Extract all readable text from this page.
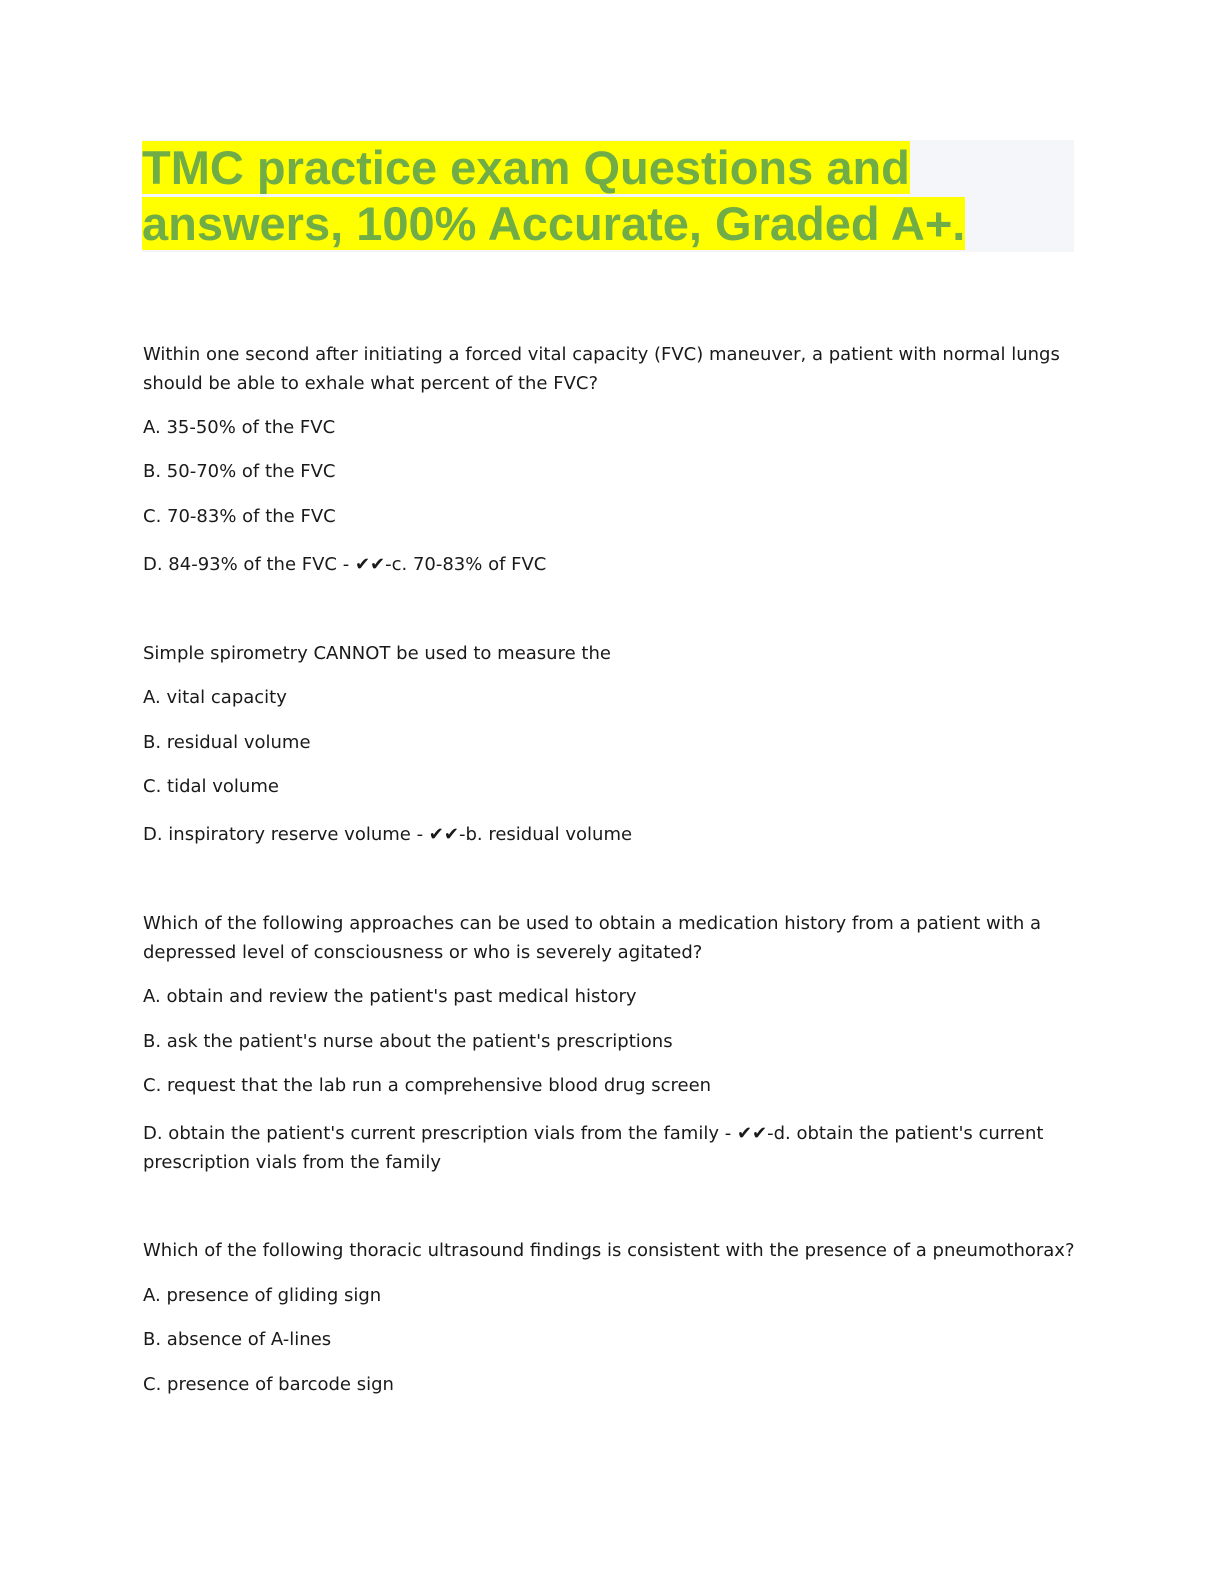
TMC practice exam Questions and
answers, 100% Accurate, Graded A+.

Within one second after initiating a forced vital capacity (FVC) maneuver, a patient with normal lungs should be able to exhale what percent of the FVC?

A. 35-50% of the FVC

B. 50-70% of the FVC

C. 70-83% of the FVC

D. 84-93% of the FVC - ✔✔-c. 70-83% of FVC

Simple spirometry CANNOT be used to measure the

A. vital capacity

B. residual volume

C. tidal volume

D. inspiratory reserve volume - ✔✔-b. residual volume

Which of the following approaches can be used to obtain a medication history from a patient with a depressed level of consciousness or who is severely agitated?

A. obtain and review the patient's past medical history

B. ask the patient's nurse about the patient's prescriptions

C. request that the lab run a comprehensive blood drug screen

D. obtain the patient's current prescription vials from the family - ✔✔-d. obtain the patient's current prescription vials from the family

Which of the following thoracic ultrasound findings is consistent with the presence of a pneumothorax?

A. presence of gliding sign

B. absence of A-lines

C. presence of barcode sign
